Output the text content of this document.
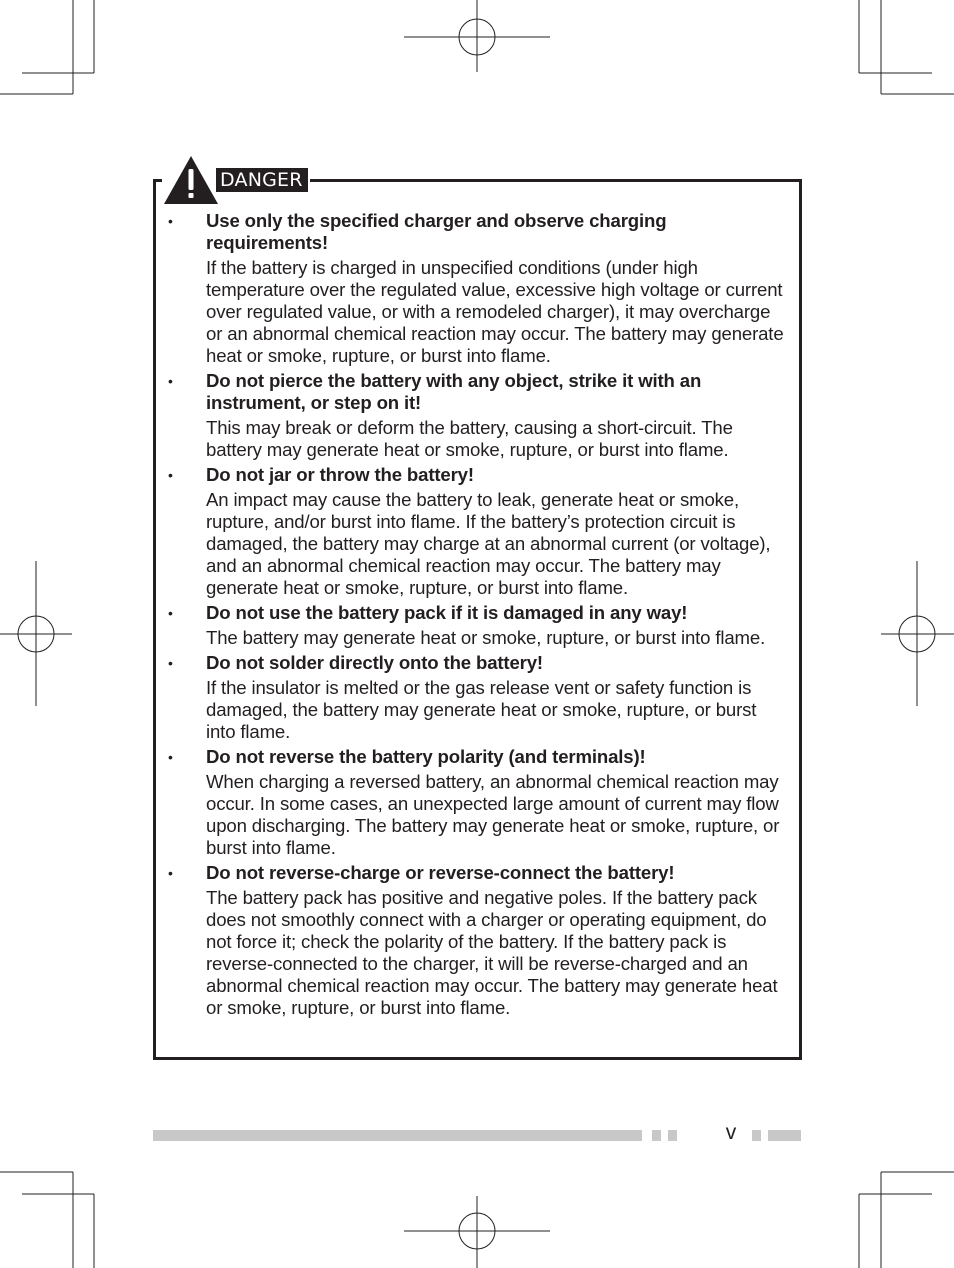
DANGER
• Use only the specified charger and observe charging requirements!
If the battery is charged in unspecified conditions (under high temperature over the regulated value, excessive high voltage or current over regulated value, or with a remodeled charger), it may overcharge or an abnormal chemical reaction may occur. The battery may generate heat or smoke, rupture, or burst into flame.
• Do not pierce the battery with any object, strike it with an instrument, or step on it!
This may break or deform the battery, causing a short-circuit. The battery may generate heat or smoke, rupture, or burst into flame.
• Do not jar or throw the battery!
An impact may cause the battery to leak, generate heat or smoke, rupture, and/or burst into flame. If the battery’s protection circuit is damaged, the battery may charge at an abnormal current (or voltage), and an abnormal chemical reaction may occur. The battery may generate heat or smoke, rupture, or burst into flame.
• Do not use the battery pack if it is damaged in any way!
The battery may generate heat or smoke, rupture, or burst into flame.
• Do not solder directly onto the battery!
If the insulator is melted or the gas release vent or safety function is damaged, the battery may generate heat or smoke, rupture, or burst into flame.
• Do not reverse the battery polarity (and terminals)!
When charging a reversed battery, an abnormal chemical reaction may occur. In some cases, an unexpected large amount of current may flow upon discharging. The battery may generate heat or smoke, rupture, or burst into flame.
• Do not reverse-charge or reverse-connect the battery!
The battery pack has positive and negative poles. If the battery pack does not smoothly connect with a charger or operating equipment, do not force it; check the polarity of the battery. If the battery pack is reverse-connected to the charger, it will be reverse-charged and an abnormal chemical reaction may occur. The battery may generate heat or smoke, rupture, or burst into flame.
v
